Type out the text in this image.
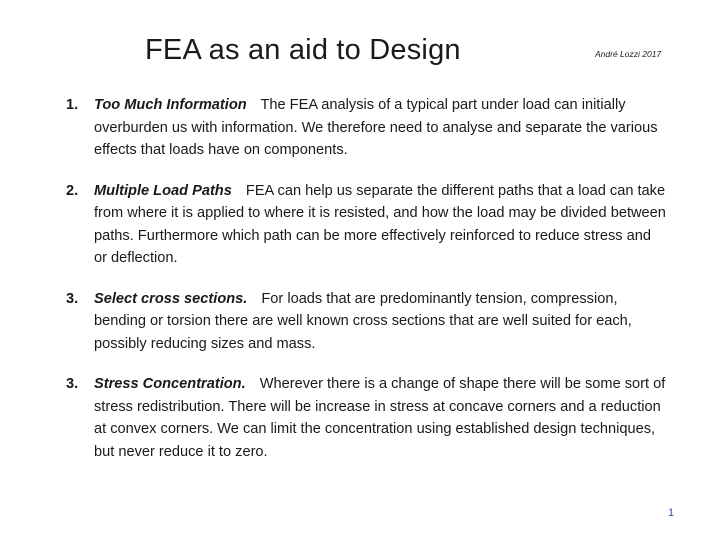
FEA as an aid to Design	André Lozzi 2017
1. Too Much Information The FEA analysis of a typical part under load can initially overburden us with information. We therefore need to analyse and separate the various effects that loads have on components.
2. Multiple Load Paths FEA can help us separate the different paths that a load can take from where it is applied to where it is resisted, and how the load may be divided between paths. Furthermore which path can be more effectively reinforced to reduce stress and or deflection.
3. Select cross sections. For loads that are predominantly tension, compression, bending or torsion there are well known cross sections that are well suited for each, possibly reducing sizes and mass.
3. Stress Concentration. Wherever there is a change of shape there will be some sort of stress redistribution. There will be increase in stress at concave corners and a reduction at convex corners. We can limit the concentration using established design techniques, but never reduce it to zero.
1
